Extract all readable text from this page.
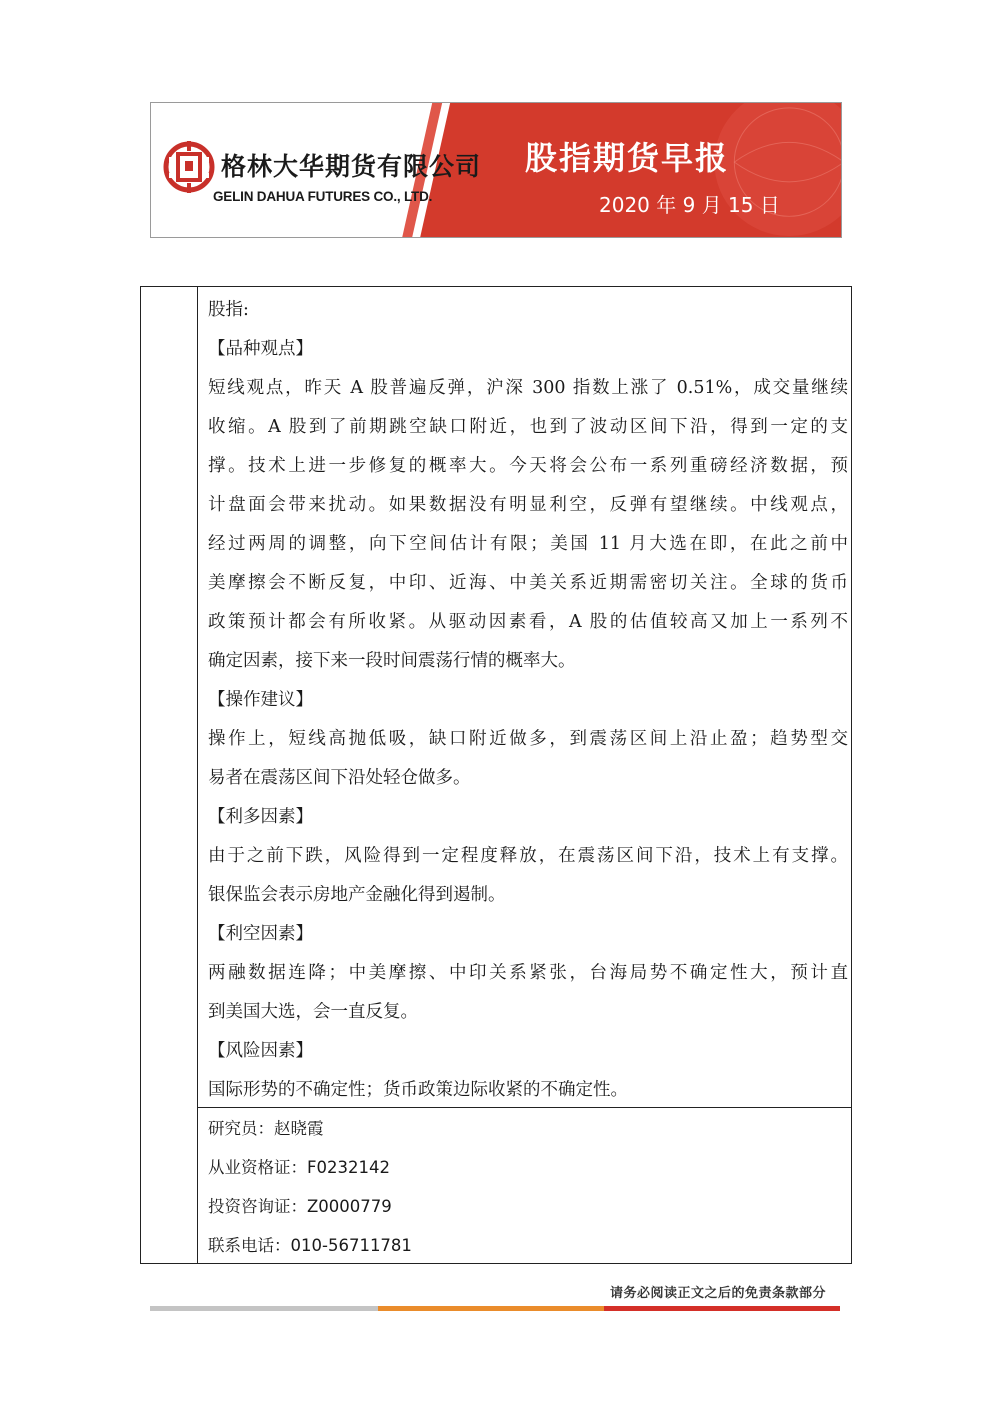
格林大华期货有限公司
GELIN DAHUA FUTURES CO., LTD.
股指期货早报
2020 年 9 月 15 日
股指:
【品种观点】
短线观点，昨天 A 股普遍反弹，沪深 300 指数上涨了 0.51%，成交量继续
收缩。A 股到了前期跳空缺口附近，也到了波动区间下沿，得到一定的支
撑。技术上进一步修复的概率大。今天将会公布一系列重磅经济数据，预
计盘面会带来扰动。如果数据没有明显利空，反弹有望继续。中线观点，
经过两周的调整，向下空间估计有限；美国 11 月大选在即，在此之前中
美摩擦会不断反复，中印、近海、中美关系近期需密切关注。全球的货币
政策预计都会有所收紧。从驱动因素看，A 股的估值较高又加上一系列不
确定因素，接下来一段时间震荡行情的概率大。
【操作建议】
操作上，短线高抛低吸，缺口附近做多，到震荡区间上沿止盈；趋势型交
易者在震荡区间下沿处轻仓做多。
【利多因素】
由于之前下跌，风险得到一定程度释放，在震荡区间下沿，技术上有支撑。
银保监会表示房地产金融化得到遏制。
【利空因素】
两融数据连降；中美摩擦、中印关系紧张，台海局势不确定性大，预计直
到美国大选，会一直反复。
【风险因素】
国际形势的不确定性；货币政策边际收紧的不确定性。
研究员：赵晓霞
从业资格证：F0232142
投资咨询证：Z0000779
联系电话：010-56711781
请务必阅读正文之后的免责条款部分
